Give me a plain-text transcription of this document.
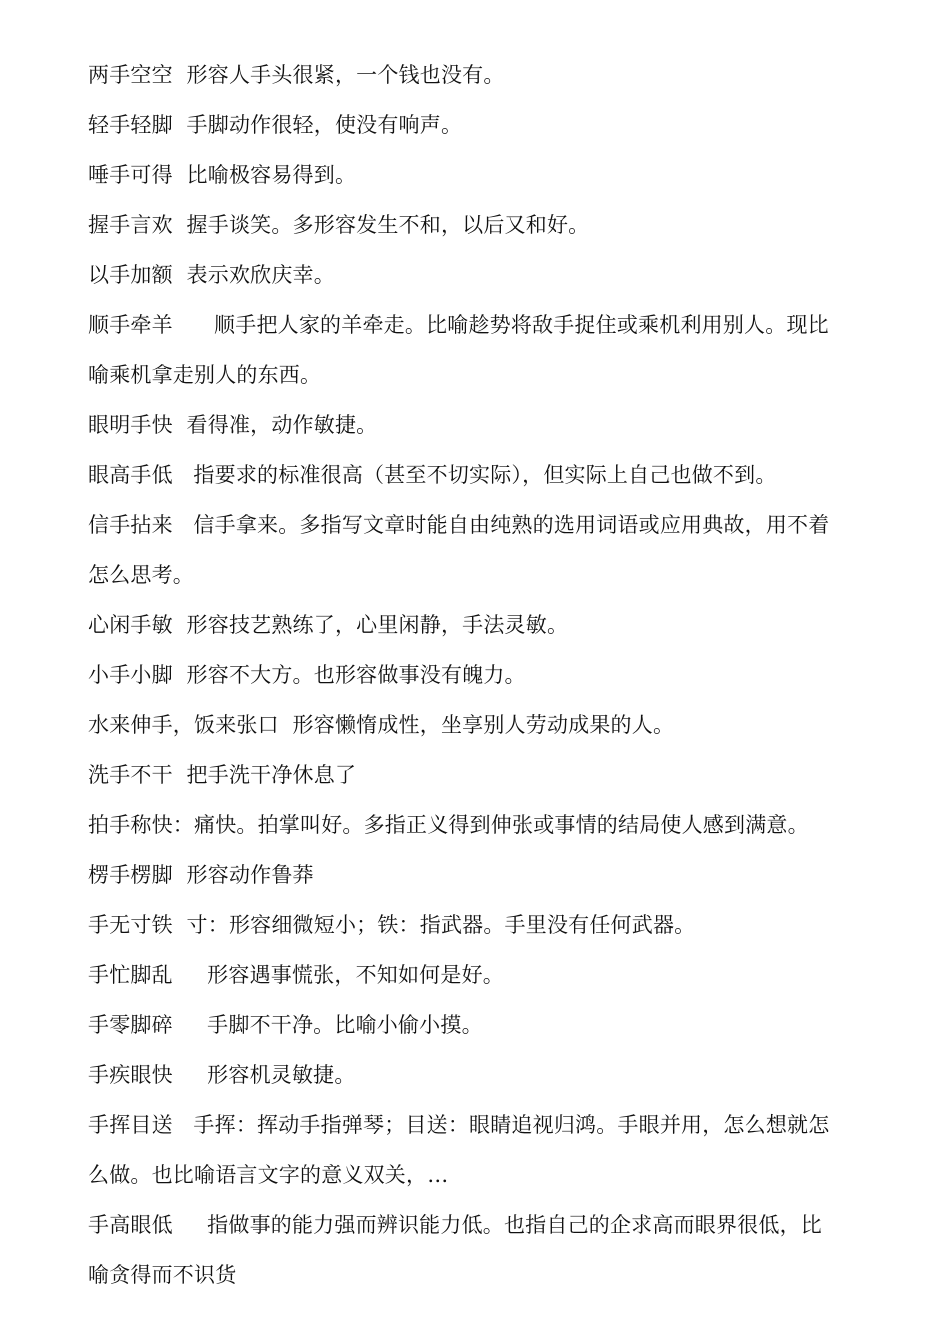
两手空空  形容人手头很紧，一个钱也没有。
轻手轻脚  手脚动作很轻，使没有响声。
唾手可得  比喻极容易得到。
握手言欢  握手谈笑。多形容发生不和，以后又和好。
以手加额  表示欢欣庆幸。
顺手牵羊      顺手把人家的羊牵走。比喻趁势将敌手捉住或乘机利用别人。现比
喻乘机拿走别人的东西。
眼明手快  看得准，动作敏捷。
眼高手低   指要求的标准很高（甚至不切实际），但实际上自己也做不到。
信手拈来   信手拿来。多指写文章时能自由纯熟的选用词语或应用典故，用不着
怎么思考。
心闲手敏  形容技艺熟练了，心里闲静，手法灵敏。
小手小脚  形容不大方。也形容做事没有魄力。
水来伸手，饭来张口  形容懒惰成性，坐享别人劳动成果的人。
洗手不干  把手洗干净休息了
拍手称快：痛快。拍掌叫好。多指正义得到伸张或事情的结局使人感到满意。
楞手楞脚  形容动作鲁莽
手无寸铁  寸：形容细微短小；铁：指武器。手里没有任何武器。
手忙脚乱     形容遇事慌张，不知如何是好。
手零脚碎     手脚不干净。比喻小偷小摸。
手疾眼快     形容机灵敏捷。
手挥目送   手挥：挥动手指弹琴；目送：眼睛追视归鸿。手眼并用，怎么想就怎
么做。也比喻语言文字的意义双关，…
手高眼低     指做事的能力强而辨识能力低。也指自己的企求高而眼界很低，比
喻贪得而不识货
